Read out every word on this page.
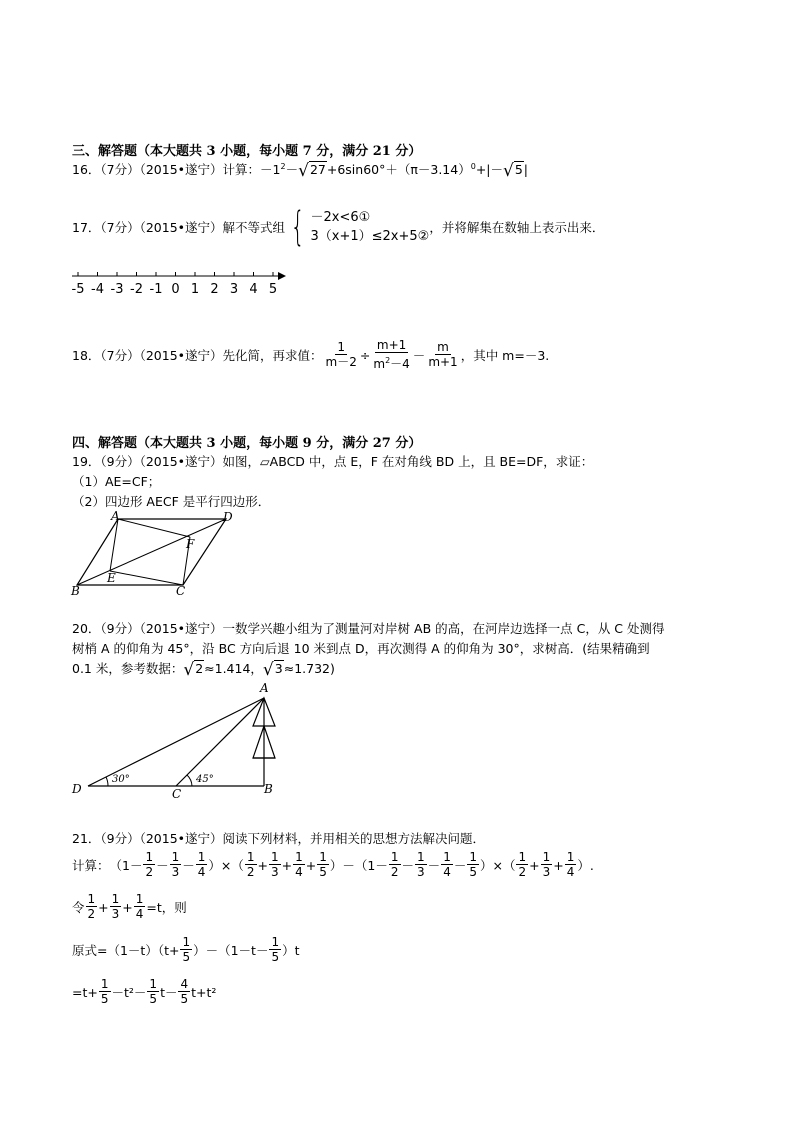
三、解答题（本大题共 3 小题，每小题 7 分，满分 21 分）
16．（7分）（2015•遂宁）计算：$-1^2-√27+6\sin 60^\circ+(\pi-3.14)^0+|-√5|$
17．（7分）（2015•遂宁）解不等式组 { －2x<6①
3（x+1）≤2x+5②
，并将解集在数轴上表示出来．
-5 -4 -3 -2 -1 0 1 2 3 4 5
18．（7分）（2015•遂宁）先化简，再求值： $\frac{1}{m-2} \div \frac{m+1}{m^2-4} - \frac{m}{m+1}$ ，其中 m=－3.
四、解答题（本大题共 3 小题，每小题 9 分，满分 27 分）
19．（9分）（2015•遂宁）如图，▱ABCD 中，点 E，F 在对角线 BD 上，且 BE=DF，求证：
（1）AE=CF；
（2）四边形 AECF 是平行四边形．
A	D
F
E
B	C
20．（9分）（2015•遂宁）一数学兴趣小组为了测量河对岸树 AB 的高，在河岸边选择一点 C，从 C 处测得
树梢 A 的仰角为 45°，沿 BC 方向后退 10 米到点 D，再次测得 A 的仰角为 30°，求树高．(结果精确到
0.1 米，参考数据：√2≈1.414，√3≈1.732)
A
D	C	B
30°	45°
21．（9分）（2015•遂宁）阅读下列材料，并用相关的思想方法解决问题．
计算： （$1- \frac{1}{2} - \frac{1}{3} - \frac{1}{4}$ ）×（ $\frac{1}{2} + \frac{1}{3} + \frac{1}{4} + \frac{1}{5} )-(1- \frac{1}{2} - \frac{1}{3} - \frac{1}{4} - \frac{1}{5}$ ）×（ $\frac{1}{2} + \frac{1}{3} + \frac{1}{4}$ ）.
令 $\frac{1}{2} + \frac{1}{3} + \frac{1}{4} =t$，则
原式$=(1-t)(t+ \frac{1}{5} )-(1-t- \frac{1}{5} )t$
$=t+ \frac{1}{5} -t^2- \frac{1}{5} t- \frac{4}{5} t+t^2$
